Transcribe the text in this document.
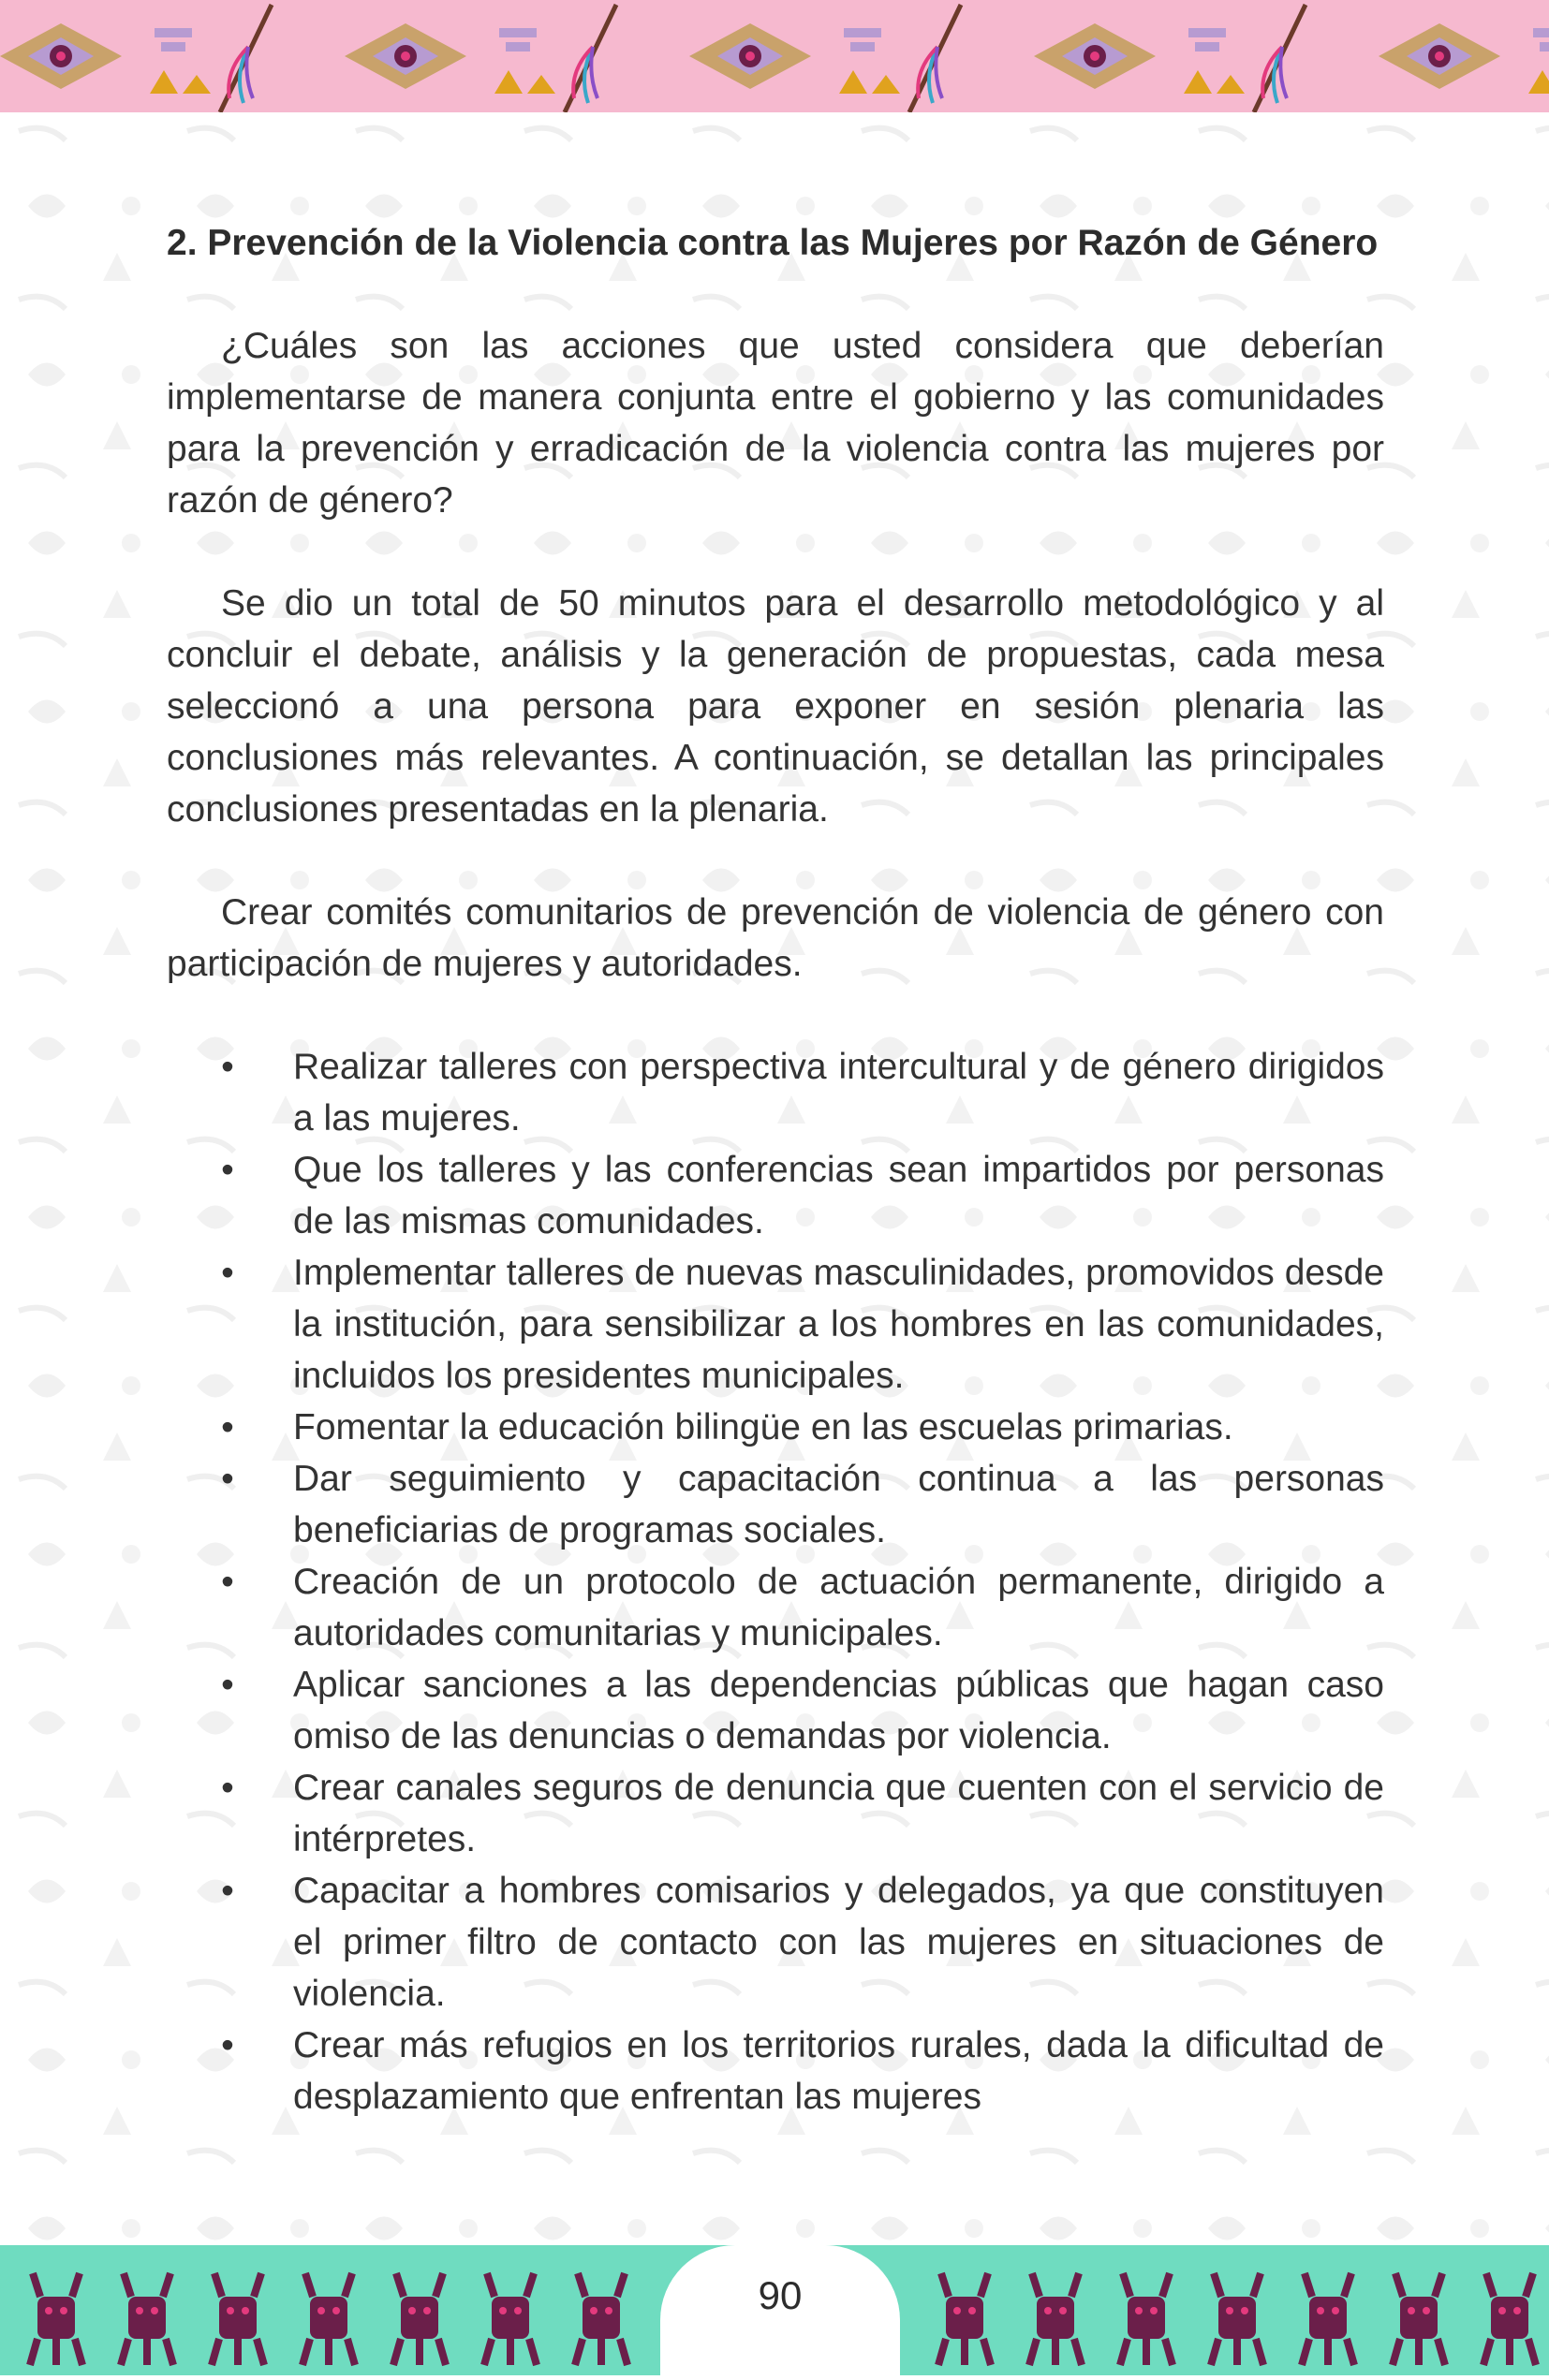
2. Prevención de la Violencia contra las Mujeres por Razón de Género

¿Cuáles son las acciones que usted considera que deberían implementarse de manera conjunta entre el gobierno y las comunidades para la prevención y erradicación de la violencia contra las mujeres por razón de género?

Se dio un total de 50 minutos para el desarrollo metodológico y al concluir el debate, análisis y la generación de propuestas, cada mesa seleccionó a una persona para exponer en sesión plenaria las conclusiones más relevantes. A continuación, se detallan las principales conclusiones presentadas en la plenaria.

Crear comités comunitarios de prevención de violencia de género con participación de mujeres y autoridades.

• Realizar talleres con perspectiva intercultural y de género dirigidos a las mujeres.
• Que los talleres y las conferencias sean impartidos por personas de las mismas comunidades.
• Implementar talleres de nuevas masculinidades, promovidos desde la institución, para sensibilizar a los hombres en las comunidades, incluidos los presidentes municipales.
• Fomentar la educación bilingüe en las escuelas primarias.
• Dar seguimiento y capacitación continua a las personas beneficiarias de programas sociales.
• Creación de un protocolo de actuación permanente, dirigido a autoridades comunitarias y municipales.
• Aplicar sanciones a las dependencias públicas que hagan caso omiso de las denuncias o demandas por violencia.
• Crear canales seguros de denuncia que cuenten con el servicio de intérpretes.
• Capacitar a hombres comisarios y delegados, ya que constituyen el primer filtro de contacto con las mujeres en situaciones de violencia.
• Crear más refugios en los territorios rurales, dada la dificultad de desplazamiento que enfrentan las mujeres
90
